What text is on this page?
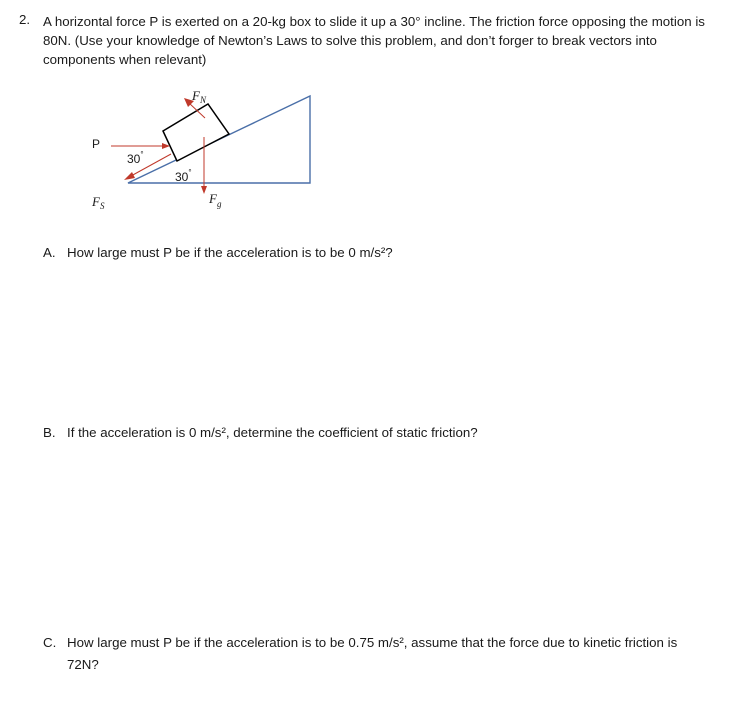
2. A horizontal force P is exerted on a 20-kg box to slide it up a 30° incline. The friction force opposing the motion is 80N. (Use your knowledge of Newton’s Laws to solve this problem, and don’t forger to break vectors into components when relevant)
P
$F_N$
$F_S$	$F_g$
30°
30°
A. How large must P be if the acceleration is to be 0 m/s²?
B. If the acceleration is 0 m/s², determine the coefficient of static friction?
C. How large must P be if the acceleration is to be 0.75 m/s², assume that the force due to kinetic friction is
72N?
